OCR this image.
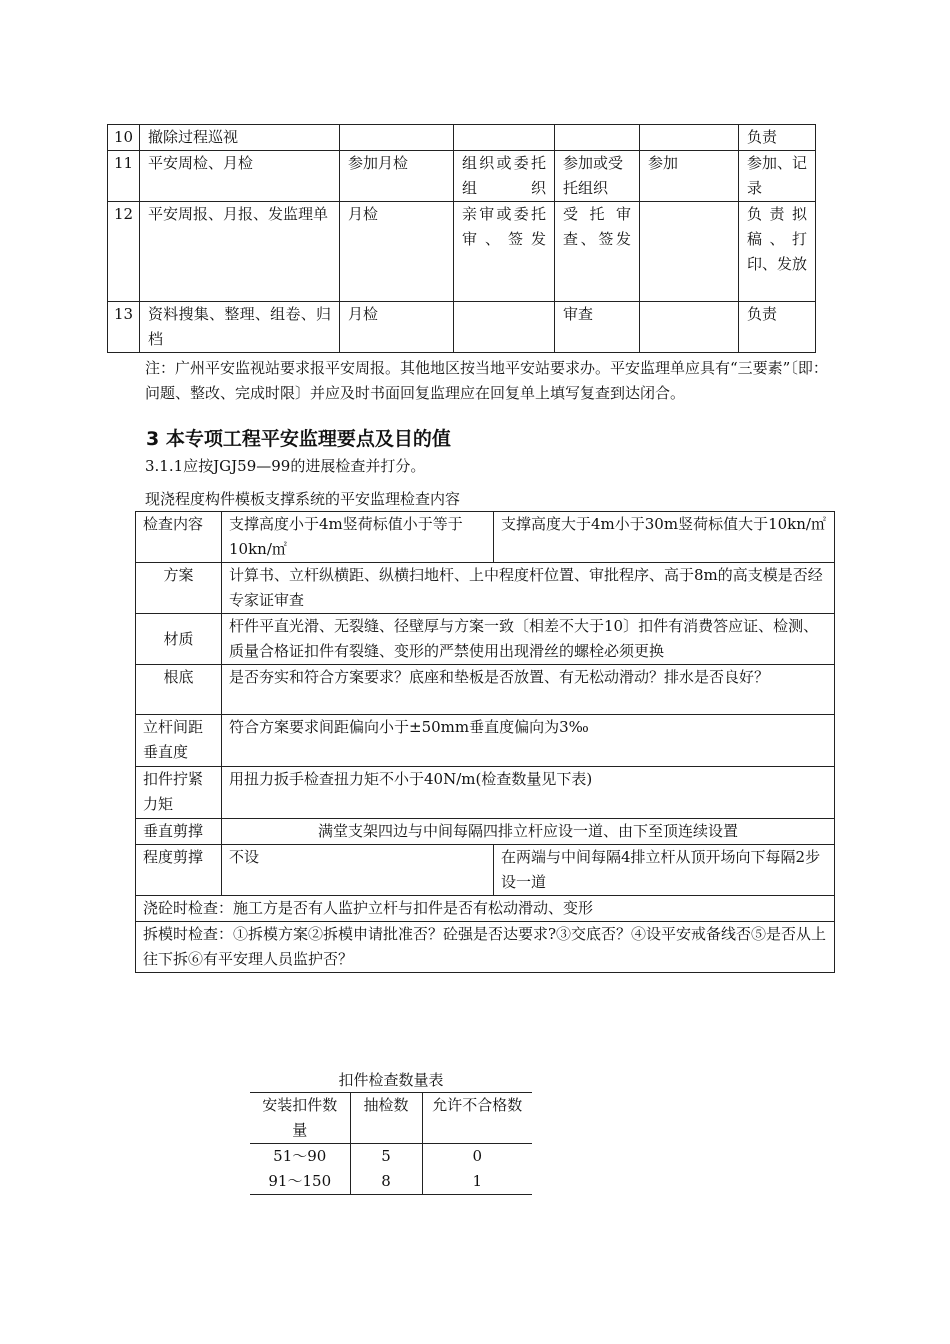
10	撤除过程巡视					负责
11	平安周检、月检	参加月检	组织或委托组织	参加或受托组织	参加	参加、记录
12	平安周报、月报、发监理单	月检	亲审或委托审、签发	受托审查、签发		负责拟稿、打印、发放
13	资料搜集、整理、组卷、归档	月检		审查		负责
注：广州平安监视站要求报平安周报。其他地区按当地平安站要求办。平安监理单应具有“三要素”〔即：问题、整改、完成时限〕并应及时书面回复监理应在回复单上填写复查到达闭合。
3 本专项工程平安监理要点及目的值
3.1.1应按JGJ59—99的进展检查并打分。
现浇程度构件模板支撑系统的平安监理检查内容
检查内容	支撑高度小于4m竖荷标值小于等于10kn/㎡	支撑高度大于4m小于30m竖荷标值大于10kn/㎡
方案	计算书、立杆纵横距、纵横扫地杆、上中程度杆位置、审批程序、高于8m的高支模是否经专家证审查	
材质	杆件平直光滑、无裂缝、径壁厚与方案一致〔相差不大于10〕扣件有消费答应证、检测、质量合格证扣件有裂缝、变形的严禁使用出现滑丝的螺栓必须更换	
根底	是否夯实和符合方案要求？底座和垫板是否放置、有无松动滑动？排水是否良好？	
立杆间距垂直度	符合方案要求间距偏向小于±50mm垂直度偏向为3‰	
扣件拧紧力矩	用扭力扳手检查扭力矩不小于40N/m(检查数量见下表)	
垂直剪撑	满堂支架四边与中间每隔四排立杆应设一道、由下至顶连续设置	
程度剪撑	不设	在两端与中间每隔4排立杆从顶开场向下每隔2步设一道
浇砼时检查：施工方是否有人监护立杆与扣件是否有松动滑动、变形		
拆模时检查：①拆模方案②拆模申请批准否？砼强是否达要求?③交底否？④设平安戒备线否⑤是否从上往下拆⑥有平安理人员监护否？		
扣件检查数量表
安装扣件数量	抽检数	允许不合格数
51～90	5	0
91～150	8	1
